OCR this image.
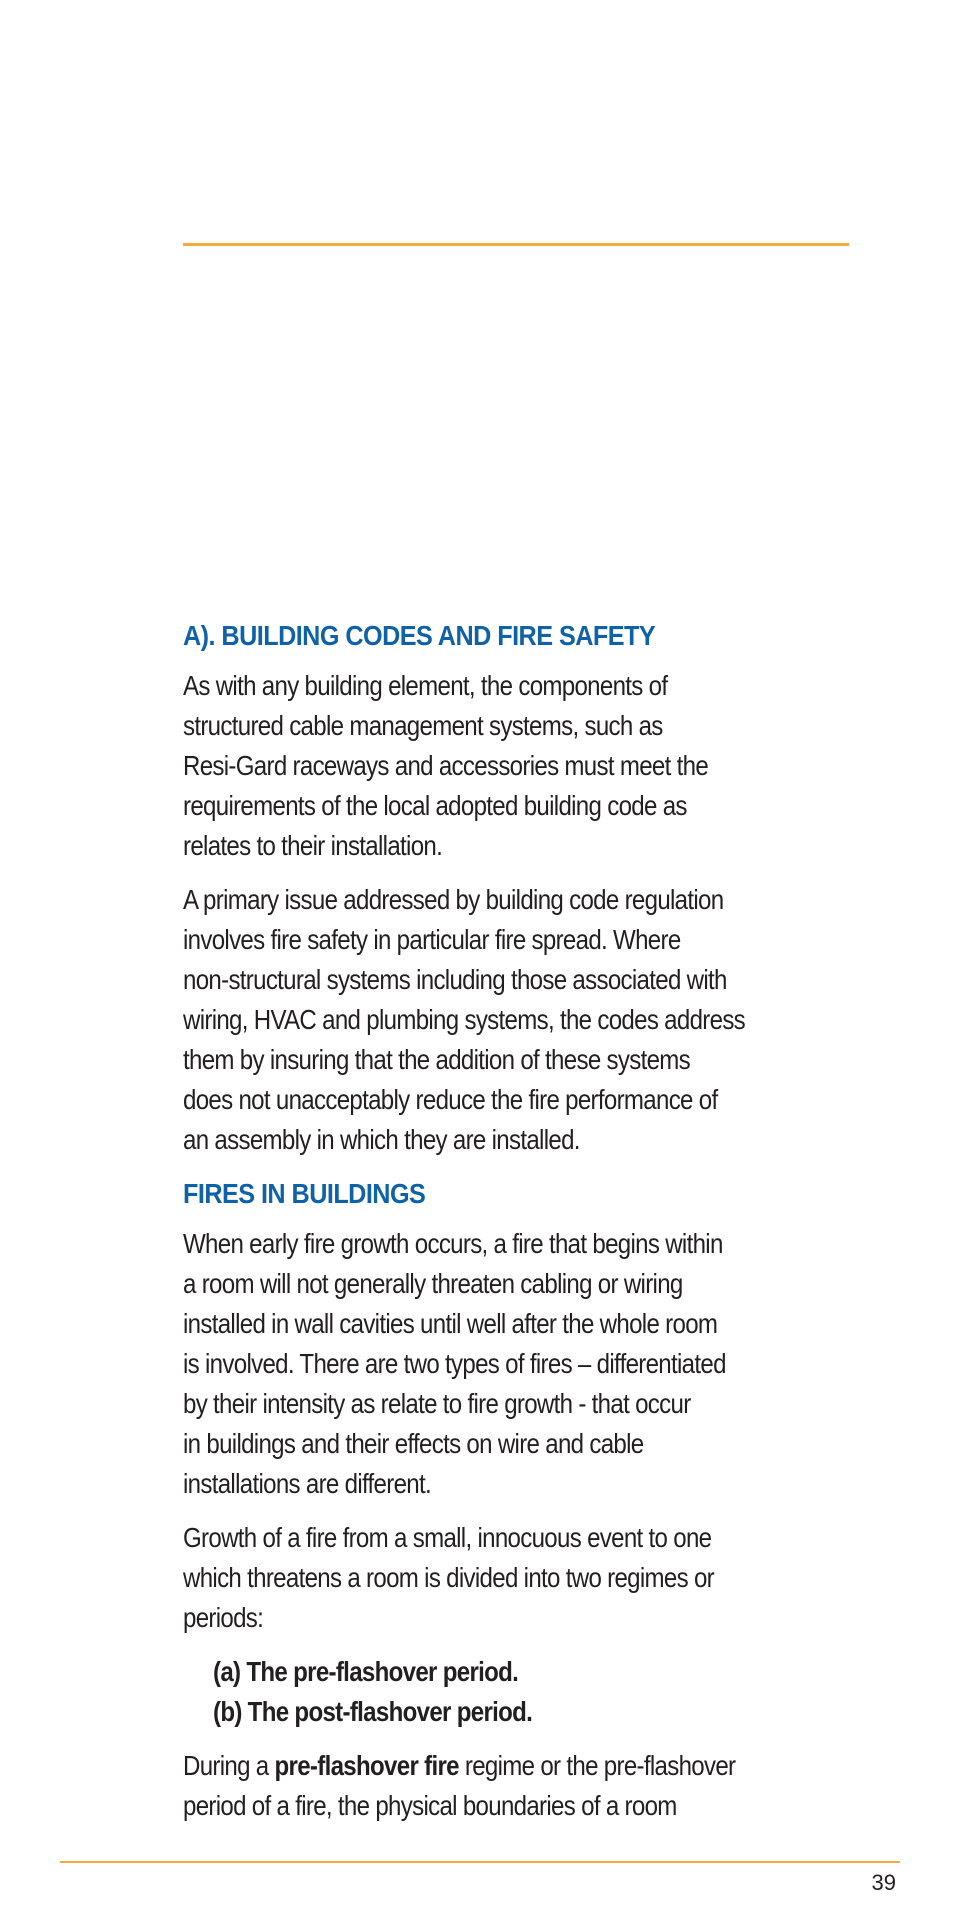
A). BUILDING CODES AND FIRE SAFETY

As with any building element, the components of
structured cable management systems, such as
Resi-Gard raceways and accessories must meet the
requirements of the local adopted building code as
relates to their installation.

A primary issue addressed by building code regulation
involves fire safety in particular fire spread. Where
non-structural systems including those associated with
wiring, HVAC and plumbing systems, the codes address
them by insuring that the addition of these systems
does not unacceptably reduce the fire performance of
an assembly in which they are installed.

FIRES IN BUILDINGS

When early fire growth occurs, a fire that begins within
a room will not generally threaten cabling or wiring
installed in wall cavities until well after the whole room
is involved. There are two types of fires – differentiated
by their intensity as relate to fire growth - that occur
in buildings and their effects on wire and cable
installations are different.

Growth of a fire from a small, innocuous event to one
which threatens a room is divided into two regimes or
periods:

(a) The pre-flashover period.
(b) The post-flashover period.

During a pre-flashover fire regime or the pre-flashover
period of a fire, the physical boundaries of a room

39
